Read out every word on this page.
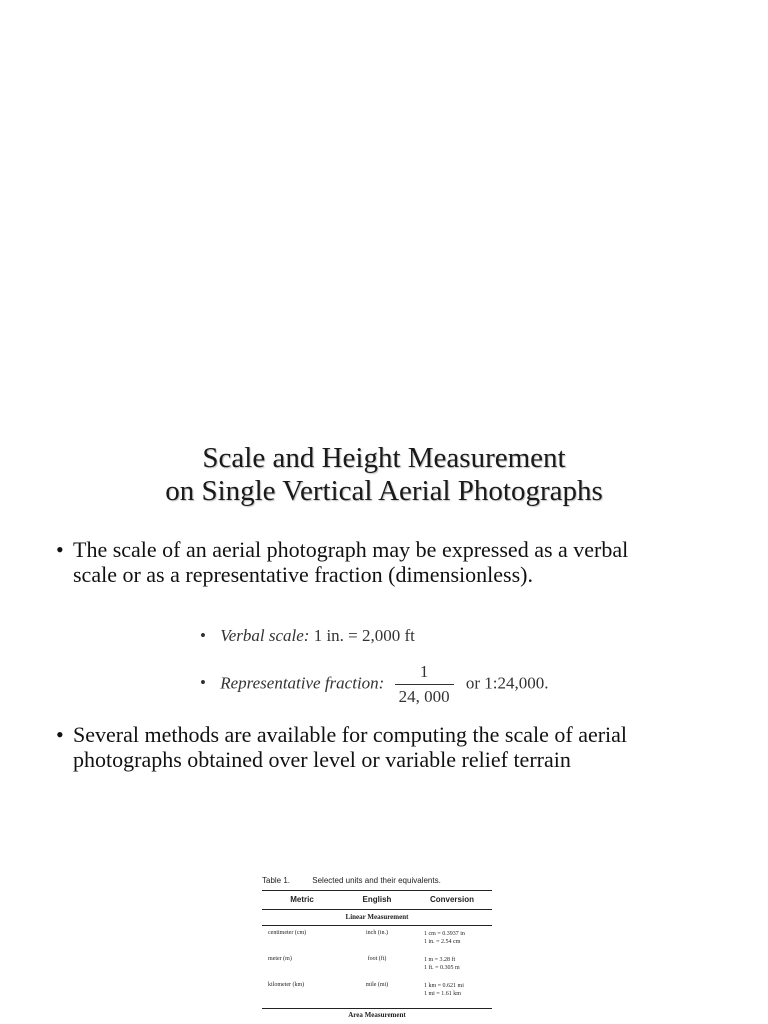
Scale and Height Measurement
on Single Vertical Aerial Photographs
• The scale of an aerial photograph may be expressed as a verbal
scale or as a representative fraction (dimensionless).
• Verbal scale: 1 in. = 2,000 ft
• Representative fraction: $\frac{1}{24, 000}$ or 1:24,000.
• Several methods are available for computing the scale of aerial
photographs obtained over level or variable relief terrain
Table 1.	Selected units and their equivalents.
Metric	English	Conversion
Linear Measurement
centimeter (cm)	inch (in.)	1 cm = 0.3937 in
1 in. = 2.54 cm
meter (m)	foot (ft)	1 m = 3.28 ft
1 ft. = 0.305 m
kilometer (km)	mile (mi)	1 km = 0.621 mi
1 mi = 1.61 km
Area Measurement
